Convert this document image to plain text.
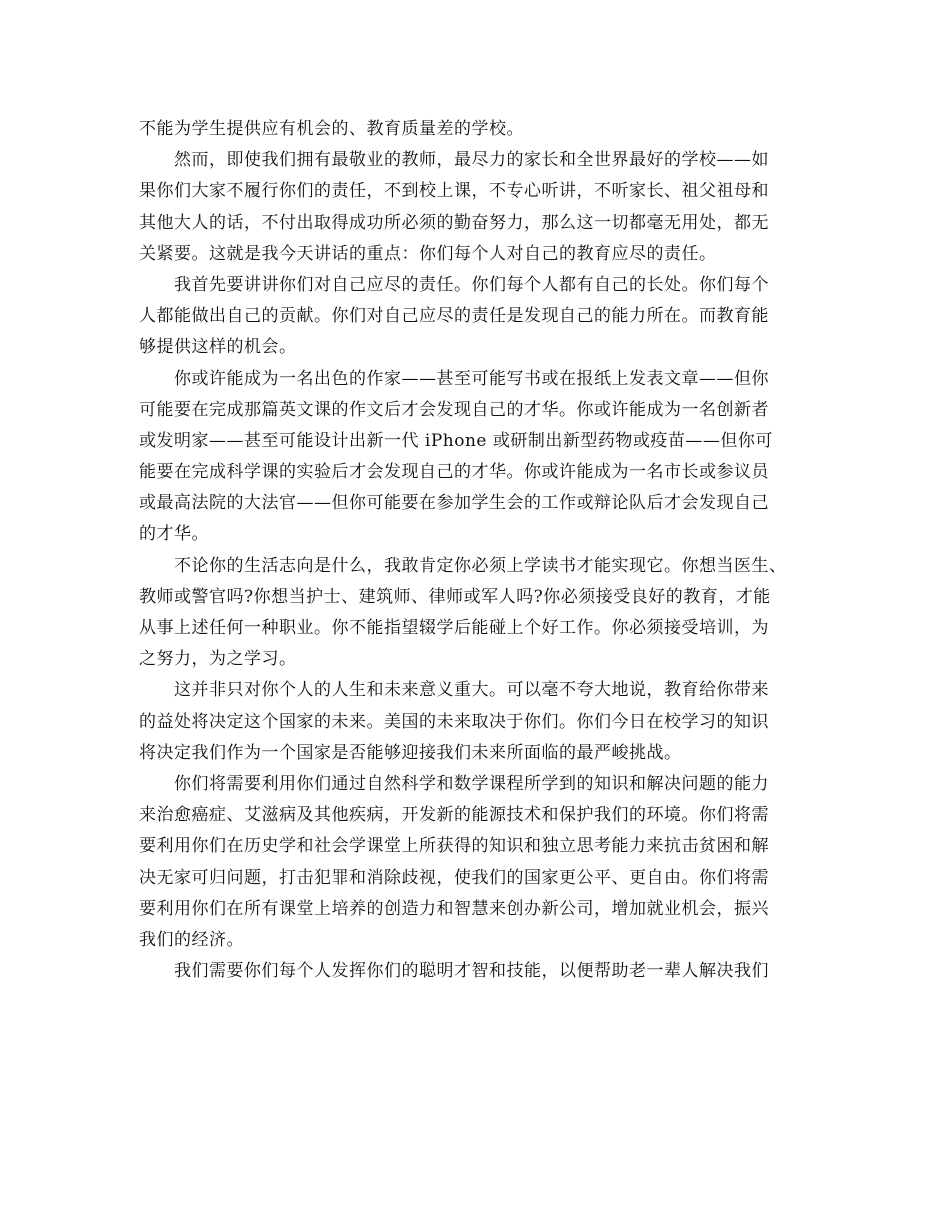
不能为学生提供应有机会的、教育质量差的学校。
然而，即使我们拥有最敬业的教师，最尽力的家长和全世界最好的学校——如
果你们大家不履行你们的责任，不到校上课，不专心听讲，不听家长、祖父祖母和
其他大人的话，不付出取得成功所必须的勤奋努力，那么这一切都毫无用处，都无
关紧要。这就是我今天讲话的重点：你们每个人对自己的教育应尽的责任。
我首先要讲讲你们对自己应尽的责任。你们每个人都有自己的长处。你们每个
人都能做出自己的贡献。你们对自己应尽的责任是发现自己的能力所在。而教育能
够提供这样的机会。
你或许能成为一名出色的作家——甚至可能写书或在报纸上发表文章——但你
可能要在完成那篇英文课的作文后才会发现自己的才华。你或许能成为一名创新者
或发明家——甚至可能设计出新一代 iPhone 或研制出新型药物或疫苗——但你可
能要在完成科学课的实验后才会发现自己的才华。你或许能成为一名市长或参议员
或最高法院的大法官——但你可能要在参加学生会的工作或辩论队后才会发现自己
的才华。
不论你的生活志向是什么，我敢肯定你必须上学读书才能实现它。你想当医生、
教师或警官吗?你想当护士、建筑师、律师或军人吗?你必须接受良好的教育，才能
从事上述任何一种职业。你不能指望辍学后能碰上个好工作。你必须接受培训，为
之努力，为之学习。
这并非只对你个人的人生和未来意义重大。可以毫不夸大地说，教育给你带来
的益处将决定这个国家的未来。美国的未来取决于你们。你们今日在校学习的知识
将决定我们作为一个国家是否能够迎接我们未来所面临的最严峻挑战。
你们将需要利用你们通过自然科学和数学课程所学到的知识和解决问题的能力
来治愈癌症、艾滋病及其他疾病，开发新的能源技术和保护我们的环境。你们将需
要利用你们在历史学和社会学课堂上所获得的知识和独立思考能力来抗击贫困和解
决无家可归问题，打击犯罪和消除歧视，使我们的国家更公平、更自由。你们将需
要利用你们在所有课堂上培养的创造力和智慧来创办新公司，增加就业机会，振兴
我们的经济。
我们需要你们每个人发挥你们的聪明才智和技能，以便帮助老一辈人解决我们
